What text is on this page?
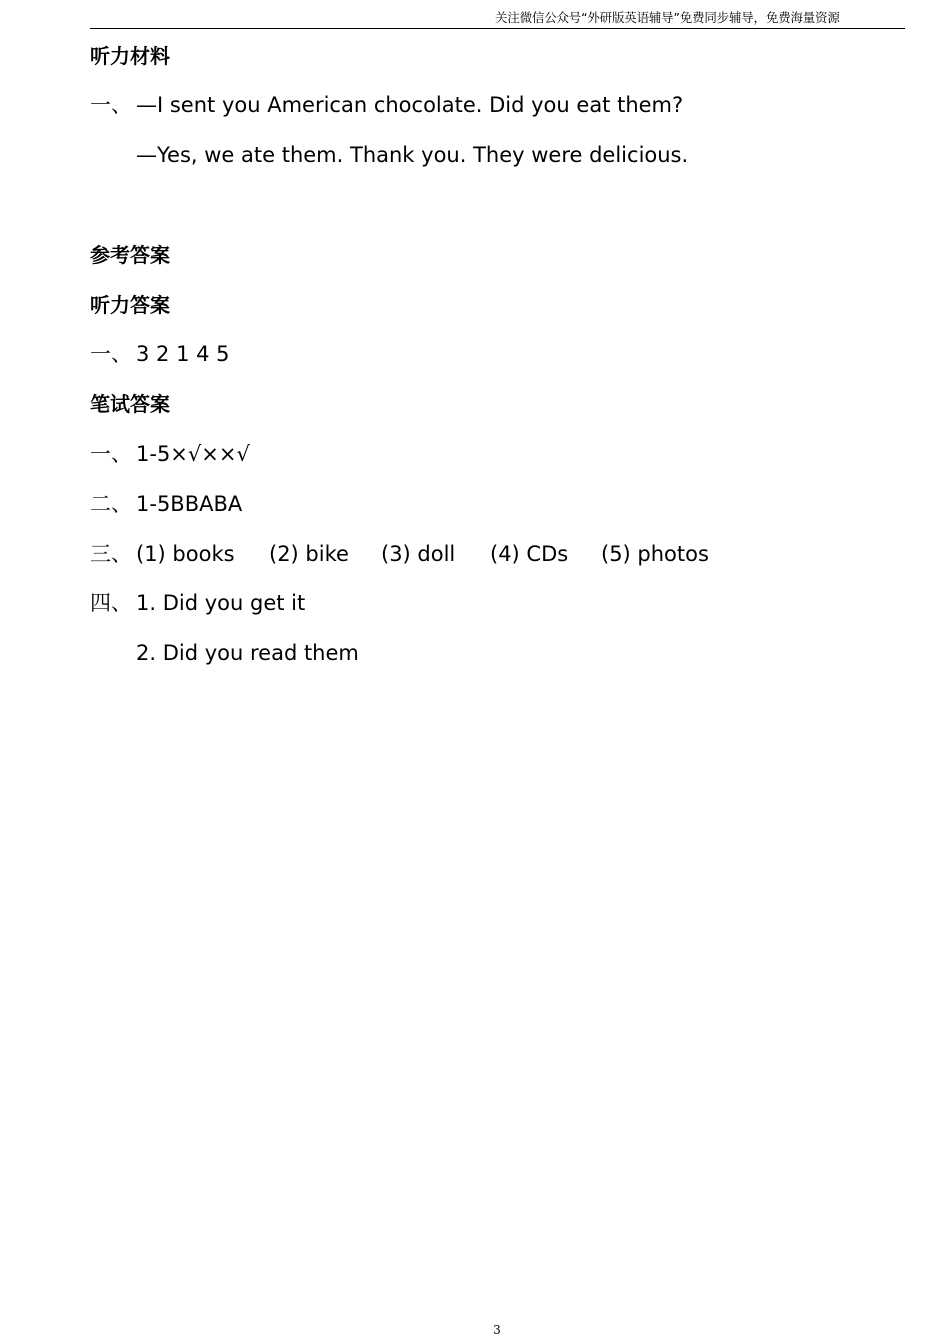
关注微信公众号“外研版英语辅导”免费同步辅导，免费海量资源
听力材料
一、 —I sent you American chocolate. Did you eat them?
—Yes, we ate them. Thank you. They were delicious.
参考答案
听力答案
一、 3 2 1 4 5
笔试答案
一、 1-5×√××√
二、 1-5BBABA
三、 (1) books (2) bike (3) doll (4) CDs (5) photos
四、 1. Did you get it
2. Did you read them
3
